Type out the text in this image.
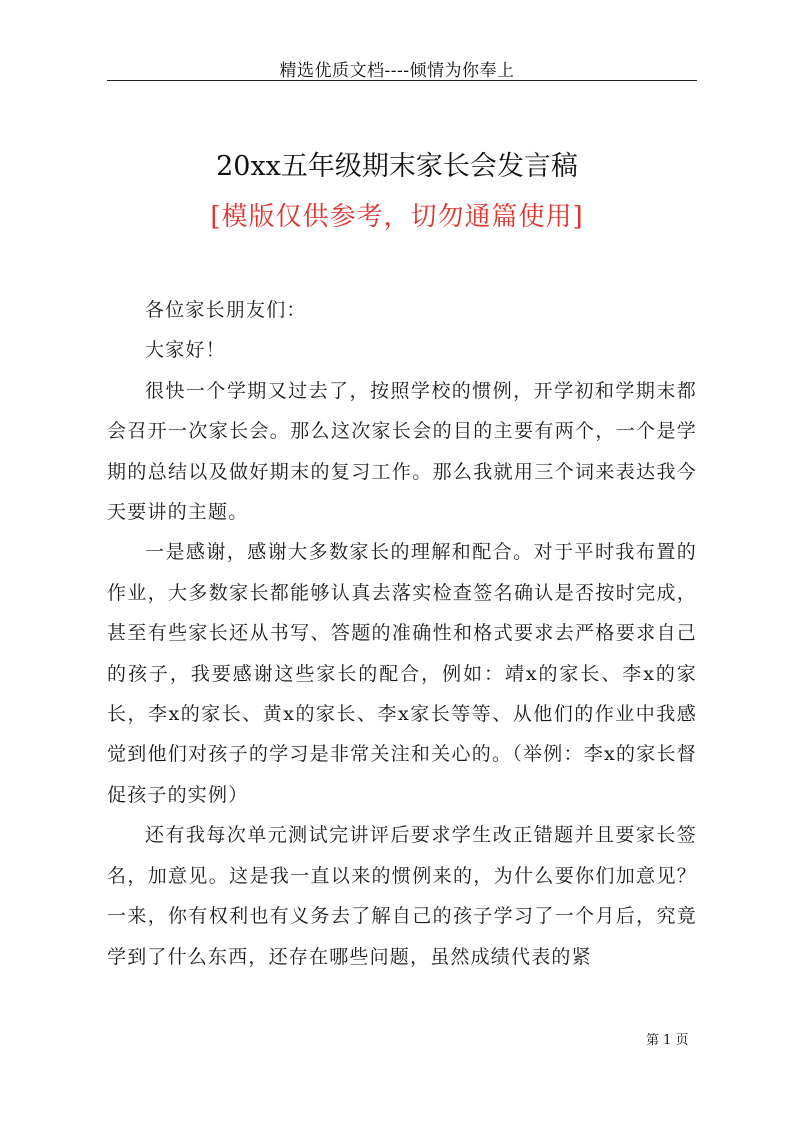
精选优质文档----倾情为你奉上
20xx五年级期末家长会发言稿
[模版仅供参考，切勿通篇使用]

各位家长朋友们：

大家好！

很快一个学期又过去了，按照学校的惯例，开学初和学期末都会召开一次家长会。那么这次家长会的目的主要有两个，一个是学期的总结以及做好期末的复习工作。那么我就用三个词来表达我今天要讲的主题。

一是感谢，感谢大多数家长的理解和配合。对于平时我布置的作业，大多数家长都能够认真去落实检查签名确认是否按时完成，甚至有些家长还从书写、答题的准确性和格式要求去严格要求自己的孩子，我要感谢这些家长的配合，例如：靖x的家长、李x的家长，李x的家长、黄x的家长、李x家长等等、从他们的作业中我感觉到他们对孩子的学习是非常关注和关心的。（举例：李x的家长督促孩子的实例）

还有我每次单元测试完讲评后要求学生改正错题并且要家长签名，加意见。这是我一直以来的惯例来的，为什么要你们加意见？一来，你有权利也有义务去了解自己的孩子学习了一个月后，究竟学到了什么东西，还存在哪些问题，虽然成绩代表的紧

第 1 页
